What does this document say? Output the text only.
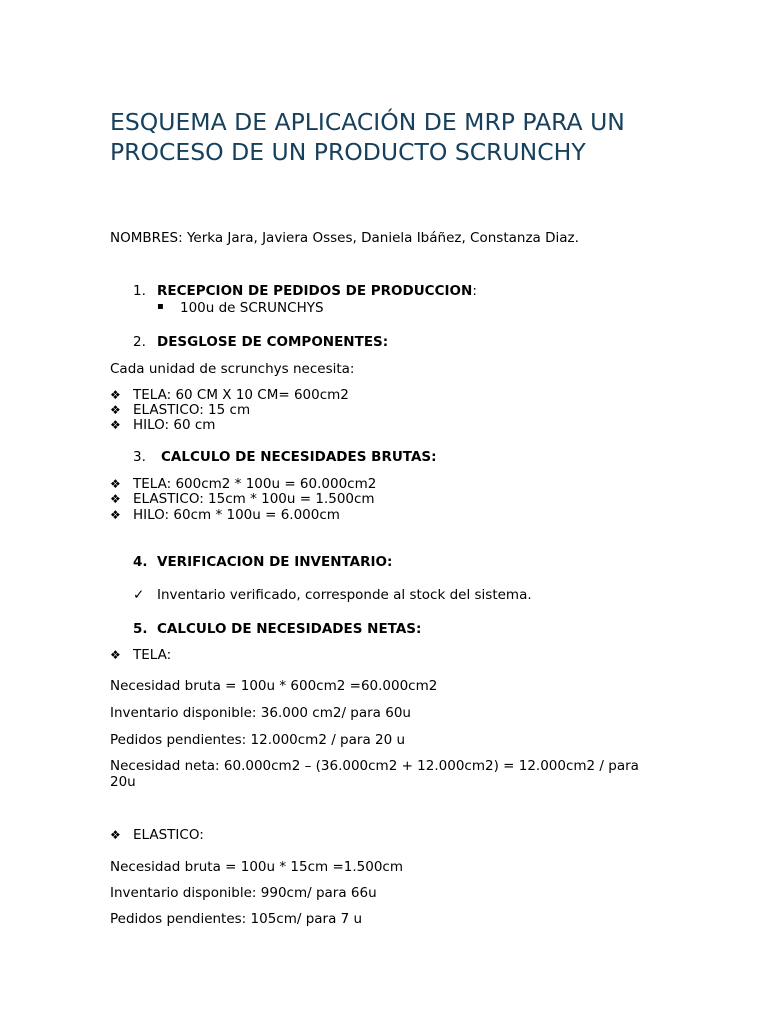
ESQUEMA DE APLICACIÓN DE MRP PARA UN PROCESO DE UN PRODUCTO SCRUNCHY
NOMBRES: Yerka Jara, Javiera Osses, Daniela Ibáñez, Constanza Diaz.
1. RECEPCION DE PEDIDOS DE PRODUCCION:
▪ 100u de SCRUNCHYS
2. DESGLOSE DE COMPONENTES:
Cada unidad de scrunchys necesita:
❖ TELA: 60 CM X 10 CM= 600cm2
❖ ELASTICO: 15 cm
❖ HILO: 60 cm
3. CALCULO DE NECESIDADES BRUTAS:
❖ TELA: 600cm2 * 100u = 60.000cm2
❖ ELASTICO: 15cm * 100u = 1.500cm
❖ HILO: 60cm * 100u = 6.000cm
4. VERIFICACION DE INVENTARIO:
✓ Inventario verificado, corresponde al stock del sistema.
5. CALCULO DE NECESIDADES NETAS:
❖ TELA:
Necesidad bruta = 100u * 600cm2 =60.000cm2
Inventario disponible: 36.000 cm2/ para 60u
Pedidos pendientes: 12.000cm2 / para 20 u
Necesidad neta: 60.000cm2 – (36.000cm2 + 12.000cm2) = 12.000cm2 / para 20u
❖ ELASTICO:
Necesidad bruta = 100u * 15cm =1.500cm
Inventario disponible: 990cm/ para 66u
Pedidos pendientes: 105cm/ para 7 u
